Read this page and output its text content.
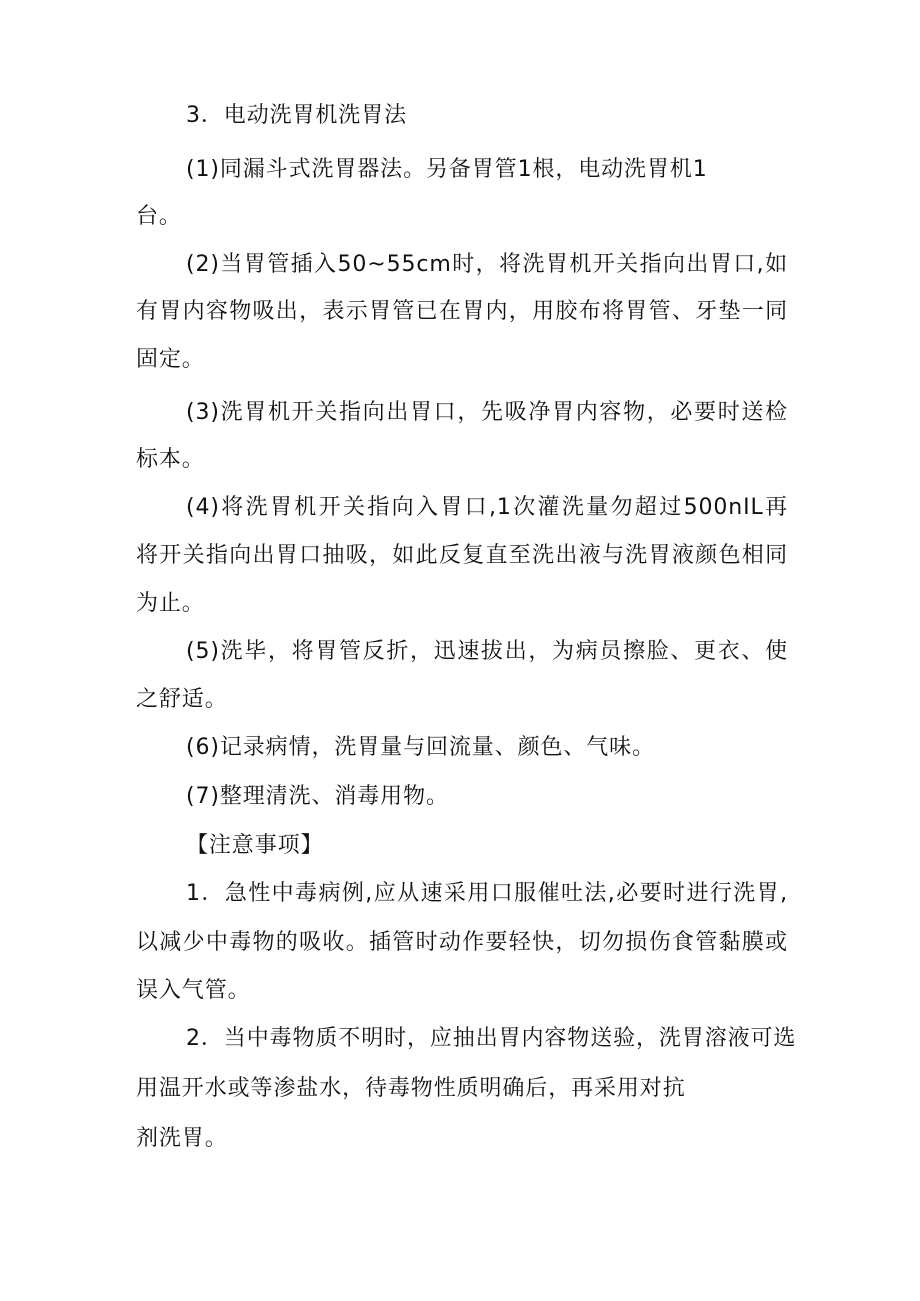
3．电动洗胃机洗胃法
(1)同漏斗式洗胃器法。另备胃管1根，电动洗胃机1
台。
(2)当胃管插入50~55cm时，将洗胃机开关指向出胃口,如
有胃内容物吸出，表示胃管已在胃内，用胶布将胃管、牙垫一同
固定。
(3)洗胃机开关指向出胃口，先吸净胃内容物，必要时送检
标本。
(4)将洗胃机开关指向入胃口,1次灌洗量勿超过500nIL再
将开关指向出胃口抽吸，如此反复直至洗出液与洗胃液颜色相同
为止。
(5)洗毕，将胃管反折，迅速拔出，为病员擦脸、更衣、使
之舒适。
(6)记录病情，洗胃量与回流量、颜色、气味。
(7)整理清洗、消毒用物。
【注意事项】
1．急性中毒病例,应从速采用口服催吐法,必要时进行洗胃,
以减少中毒物的吸收。插管时动作要轻快，切勿损伤食管黏膜或
误入气管。
2．当中毒物质不明时，应抽出胃内容物送验，洗胃溶液可选
用温开水或等渗盐水，待毒物性质明确后，再采用对抗
剂洗胃。
